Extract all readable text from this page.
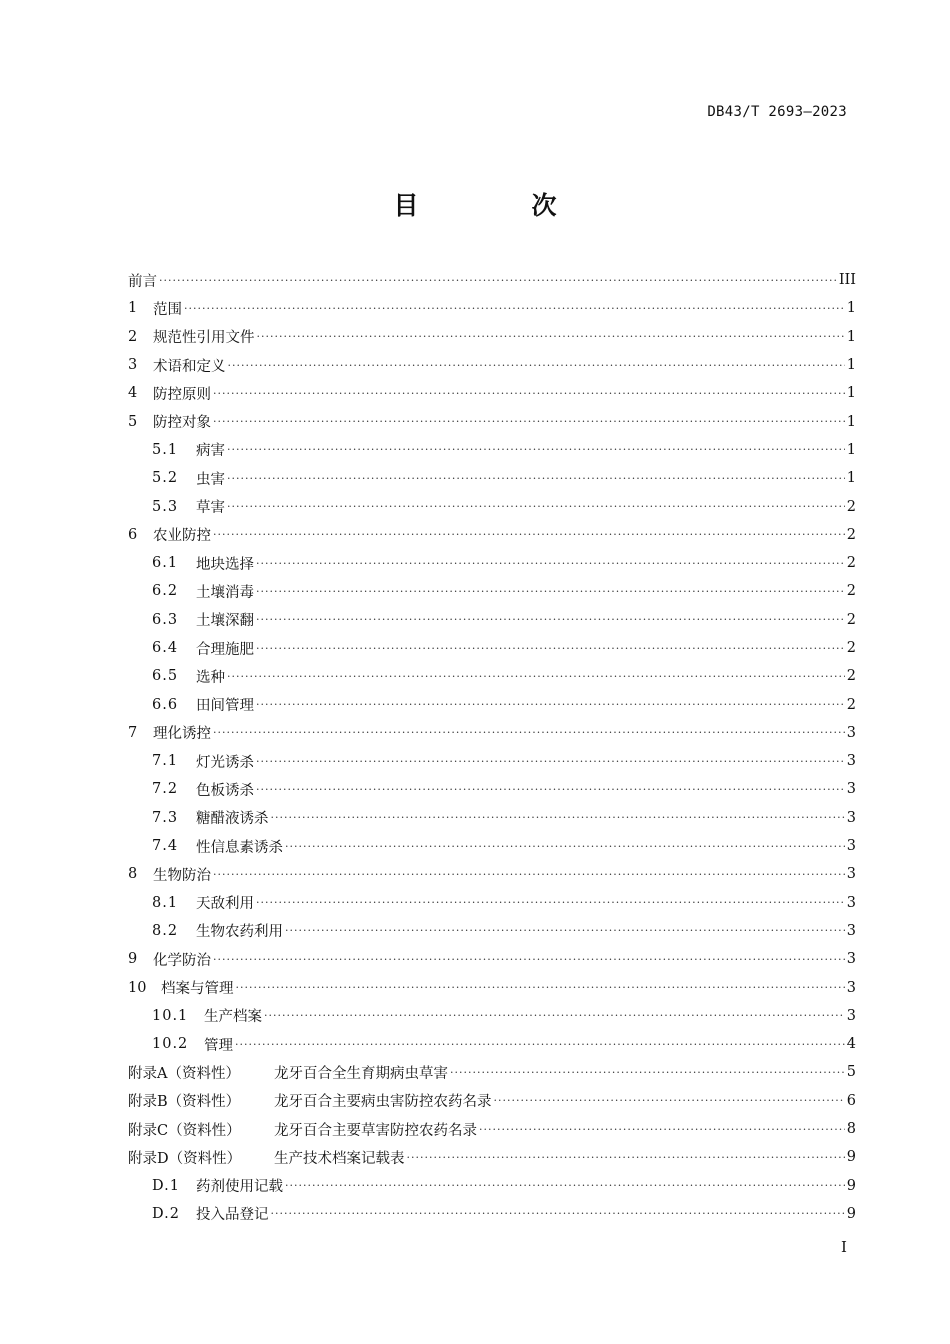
DB43/T 2693—2023
目　次
前言 ·····	III
1	范围 ·····	1
2	规范性引用文件 ·····	1
3	术语和定义 ·····	1
4	防控原则 ·····	1
5	防控对象 ·····	1
5.1	病害 ·····	1
5.2	虫害 ·····	1
5.3	草害 ·····	2
6	农业防控 ·····	2
6.1	地块选择 ·····	2
6.2	土壤消毒 ·····	2
6.3	土壤深翻 ·····	2
6.4	合理施肥 ·····	2
6.5	选种 ·····	2
6.6	田间管理 ·····	2
7	理化诱控 ·····	3
7.1	灯光诱杀 ·····	3
7.2	色板诱杀 ·····	3
7.3	糖醋液诱杀 ·····	3
7.4	性信息素诱杀 ·····	3
8	生物防治 ·····	3
8.1	天敌利用 ·····	3
8.2	生物农药利用 ·····	3
9	化学防治 ·····	3
10	档案与管理 ·····	3
10.1	生产档案 ·····	3
10.2	管理 ·····	4
附录A（资料性）	龙牙百合全生育期病虫草害 ·····	5
附录B（资料性）	龙牙百合主要病虫害防控农药名录 ·····	6
附录C（资料性）	龙牙百合主要草害防控农药名录 ·····	8
附录D（资料性）	生产技术档案记载表 ·····	9
D.1	药剂使用记载 ·····	9
D.2	投入品登记 ·····	9
I
